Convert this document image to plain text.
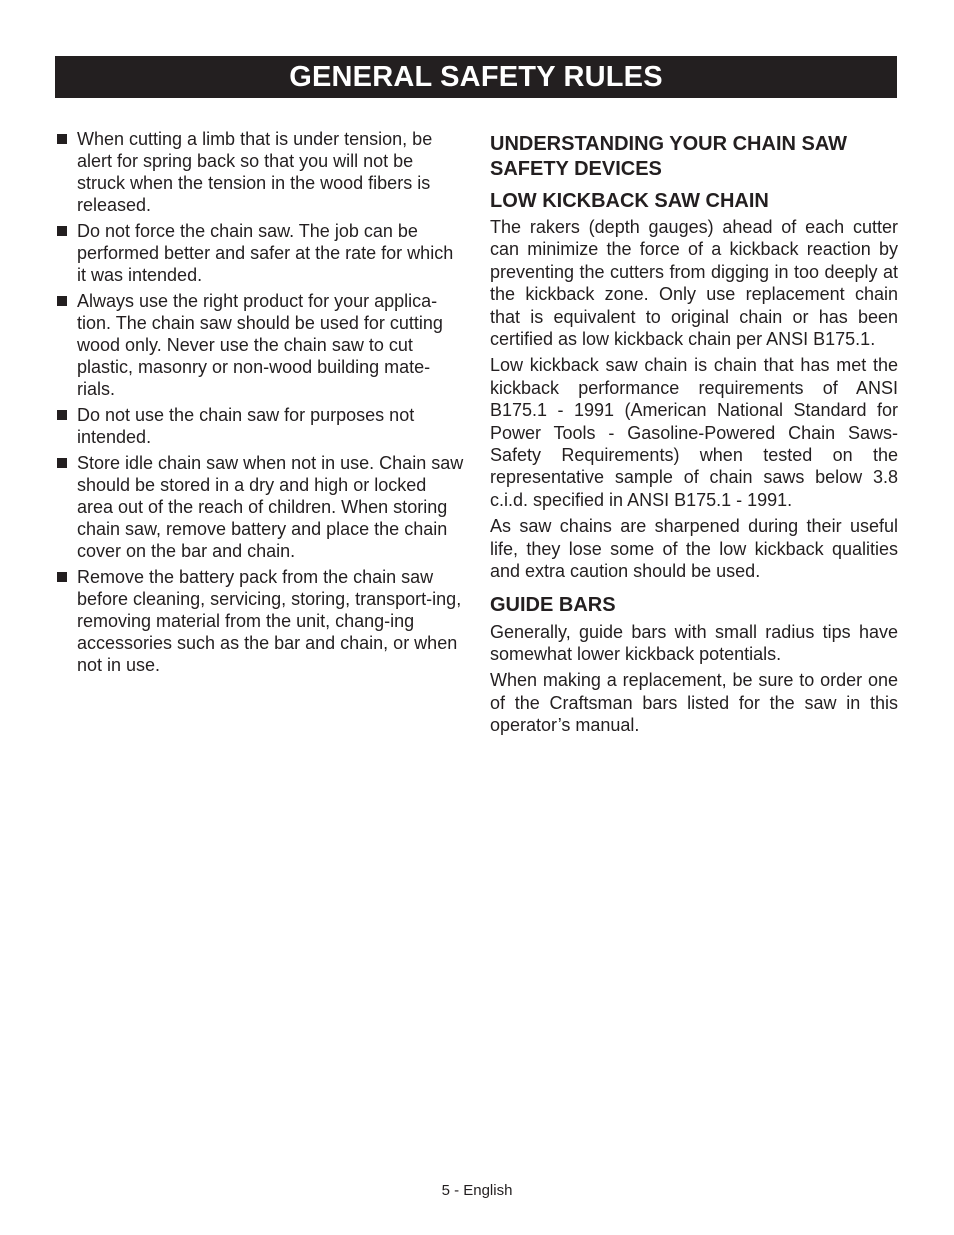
GENERAL SAFETY RULES
When cutting a limb that is under tension, be alert for spring back so that you will not be struck when the tension in the wood fibers is released.
Do not force the chain saw. The job can be performed better and safer at the rate for which it was intended.
Always use the right product for your applica-tion. The chain saw should be used for cutting wood only. Never use the chain saw to cut plastic, masonry or non-wood building mate-rials.
Do not use the chain saw for purposes not intended.
Store idle chain saw when not in use. Chain saw should be stored in a dry and high or locked area out of the reach of children. When storing chain saw, remove battery and place the chain cover on the bar and chain.
Remove the battery pack from the chain saw before cleaning, servicing, storing, transport-ing, removing material from the unit, chang-ing accessories such as the bar and chain, or when not in use.
UNDERSTANDING YOUR CHAIN SAW SAFETY DEVICES
LOW KICKBACK SAW CHAIN

The rakers (depth gauges) ahead of each cutter can minimize the force of a kickback reaction by preventing the cutters from digging in too deeply at the kickback zone. Only use replacement chain that is equivalent to original chain or has been certified as low kickback chain per ANSI B175.1.

Low kickback saw chain is chain that has met the kickback performance requirements of ANSI B175.1 - 1991 (American National Standard for Power Tools - Gasoline-Powered Chain Saws-Safety Requirements) when tested on the representative sample of chain saws below 3.8 c.i.d. specified in ANSI B175.1 - 1991.

As saw chains are sharpened during their useful life, they lose some of the low kickback qualities and extra caution should be used.

GUIDE BARS

Generally, guide bars with small radius tips have somewhat lower kickback potentials.

When making a replacement, be sure to order one of the Craftsman bars listed for the saw in this operator’s manual.

5 - English
